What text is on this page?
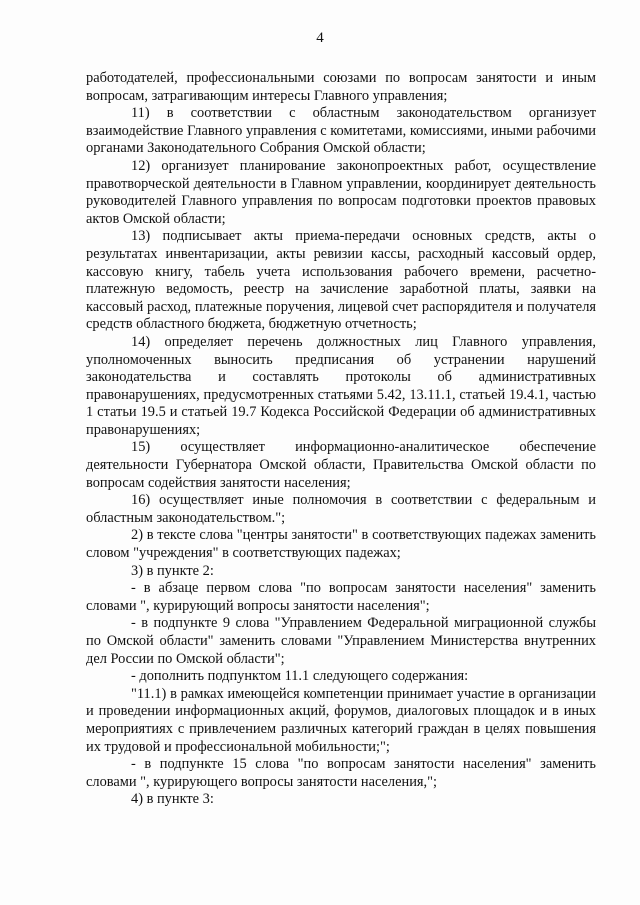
4

работодателей, профессиональными союзами по вопросам занятости и иным вопросам, затрагивающим интересы Главного управления;

11) в соответствии с областным законодательством организует взаимодействие Главного управления с комитетами, комиссиями, иными рабочими органами Законодательного Собрания Омской области;

12) организует планирование законопроектных работ, осуществление правотворческой деятельности в Главном управлении, координирует деятельность руководителей Главного управления по вопросам подготовки проектов правовых актов Омской области;

13) подписывает акты приема-передачи основных средств, акты о результатах инвентаризации, акты ревизии кассы, расходный кассовый ордер, кассовую книгу, табель учета использования рабочего времени, расчетно-платежную ведомость, реестр на зачисление заработной платы, заявки на кассовый расход, платежные поручения, лицевой счет распорядителя и получателя средств областного бюджета, бюджетную отчетность;

14) определяет перечень должностных лиц Главного управления, уполномоченных выносить предписания об устранении нарушений законодательства и составлять протоколы об административных правонарушениях, предусмотренных статьями 5.42, 13.11.1, статьей 19.4.1, частью 1 статьи 19.5 и статьей 19.7 Кодекса Российской Федерации об административных правонарушениях;

15) осуществляет информационно-аналитическое обеспечение деятельности Губернатора Омской области, Правительства Омской области по вопросам содействия занятости населения;

16) осуществляет иные полномочия в соответствии с федеральным и областным законодательством.";

2) в тексте слова "центры занятости" в соответствующих падежах заменить словом "учреждения" в соответствующих падежах;

3) в пункте 2:

- в абзаце первом слова "по вопросам занятости населения" заменить словами ", курирующий вопросы занятости населения";

- в подпункте 9 слова "Управлением Федеральной миграционной службы по Омской области" заменить словами "Управлением Министерства внутренних дел России по Омской области";

- дополнить подпунктом 11.1 следующего содержания:

"11.1) в рамках имеющейся компетенции принимает участие в организации и проведении информационных акций, форумов, диалоговых площадок и в иных мероприятиях с привлечением различных категорий граждан в целях повышения их трудовой и профессиональной мобильности;";

- в подпункте 15 слова "по вопросам занятости населения" заменить словами ", курирующего вопросы занятости населения,";

4) в пункте 3:
